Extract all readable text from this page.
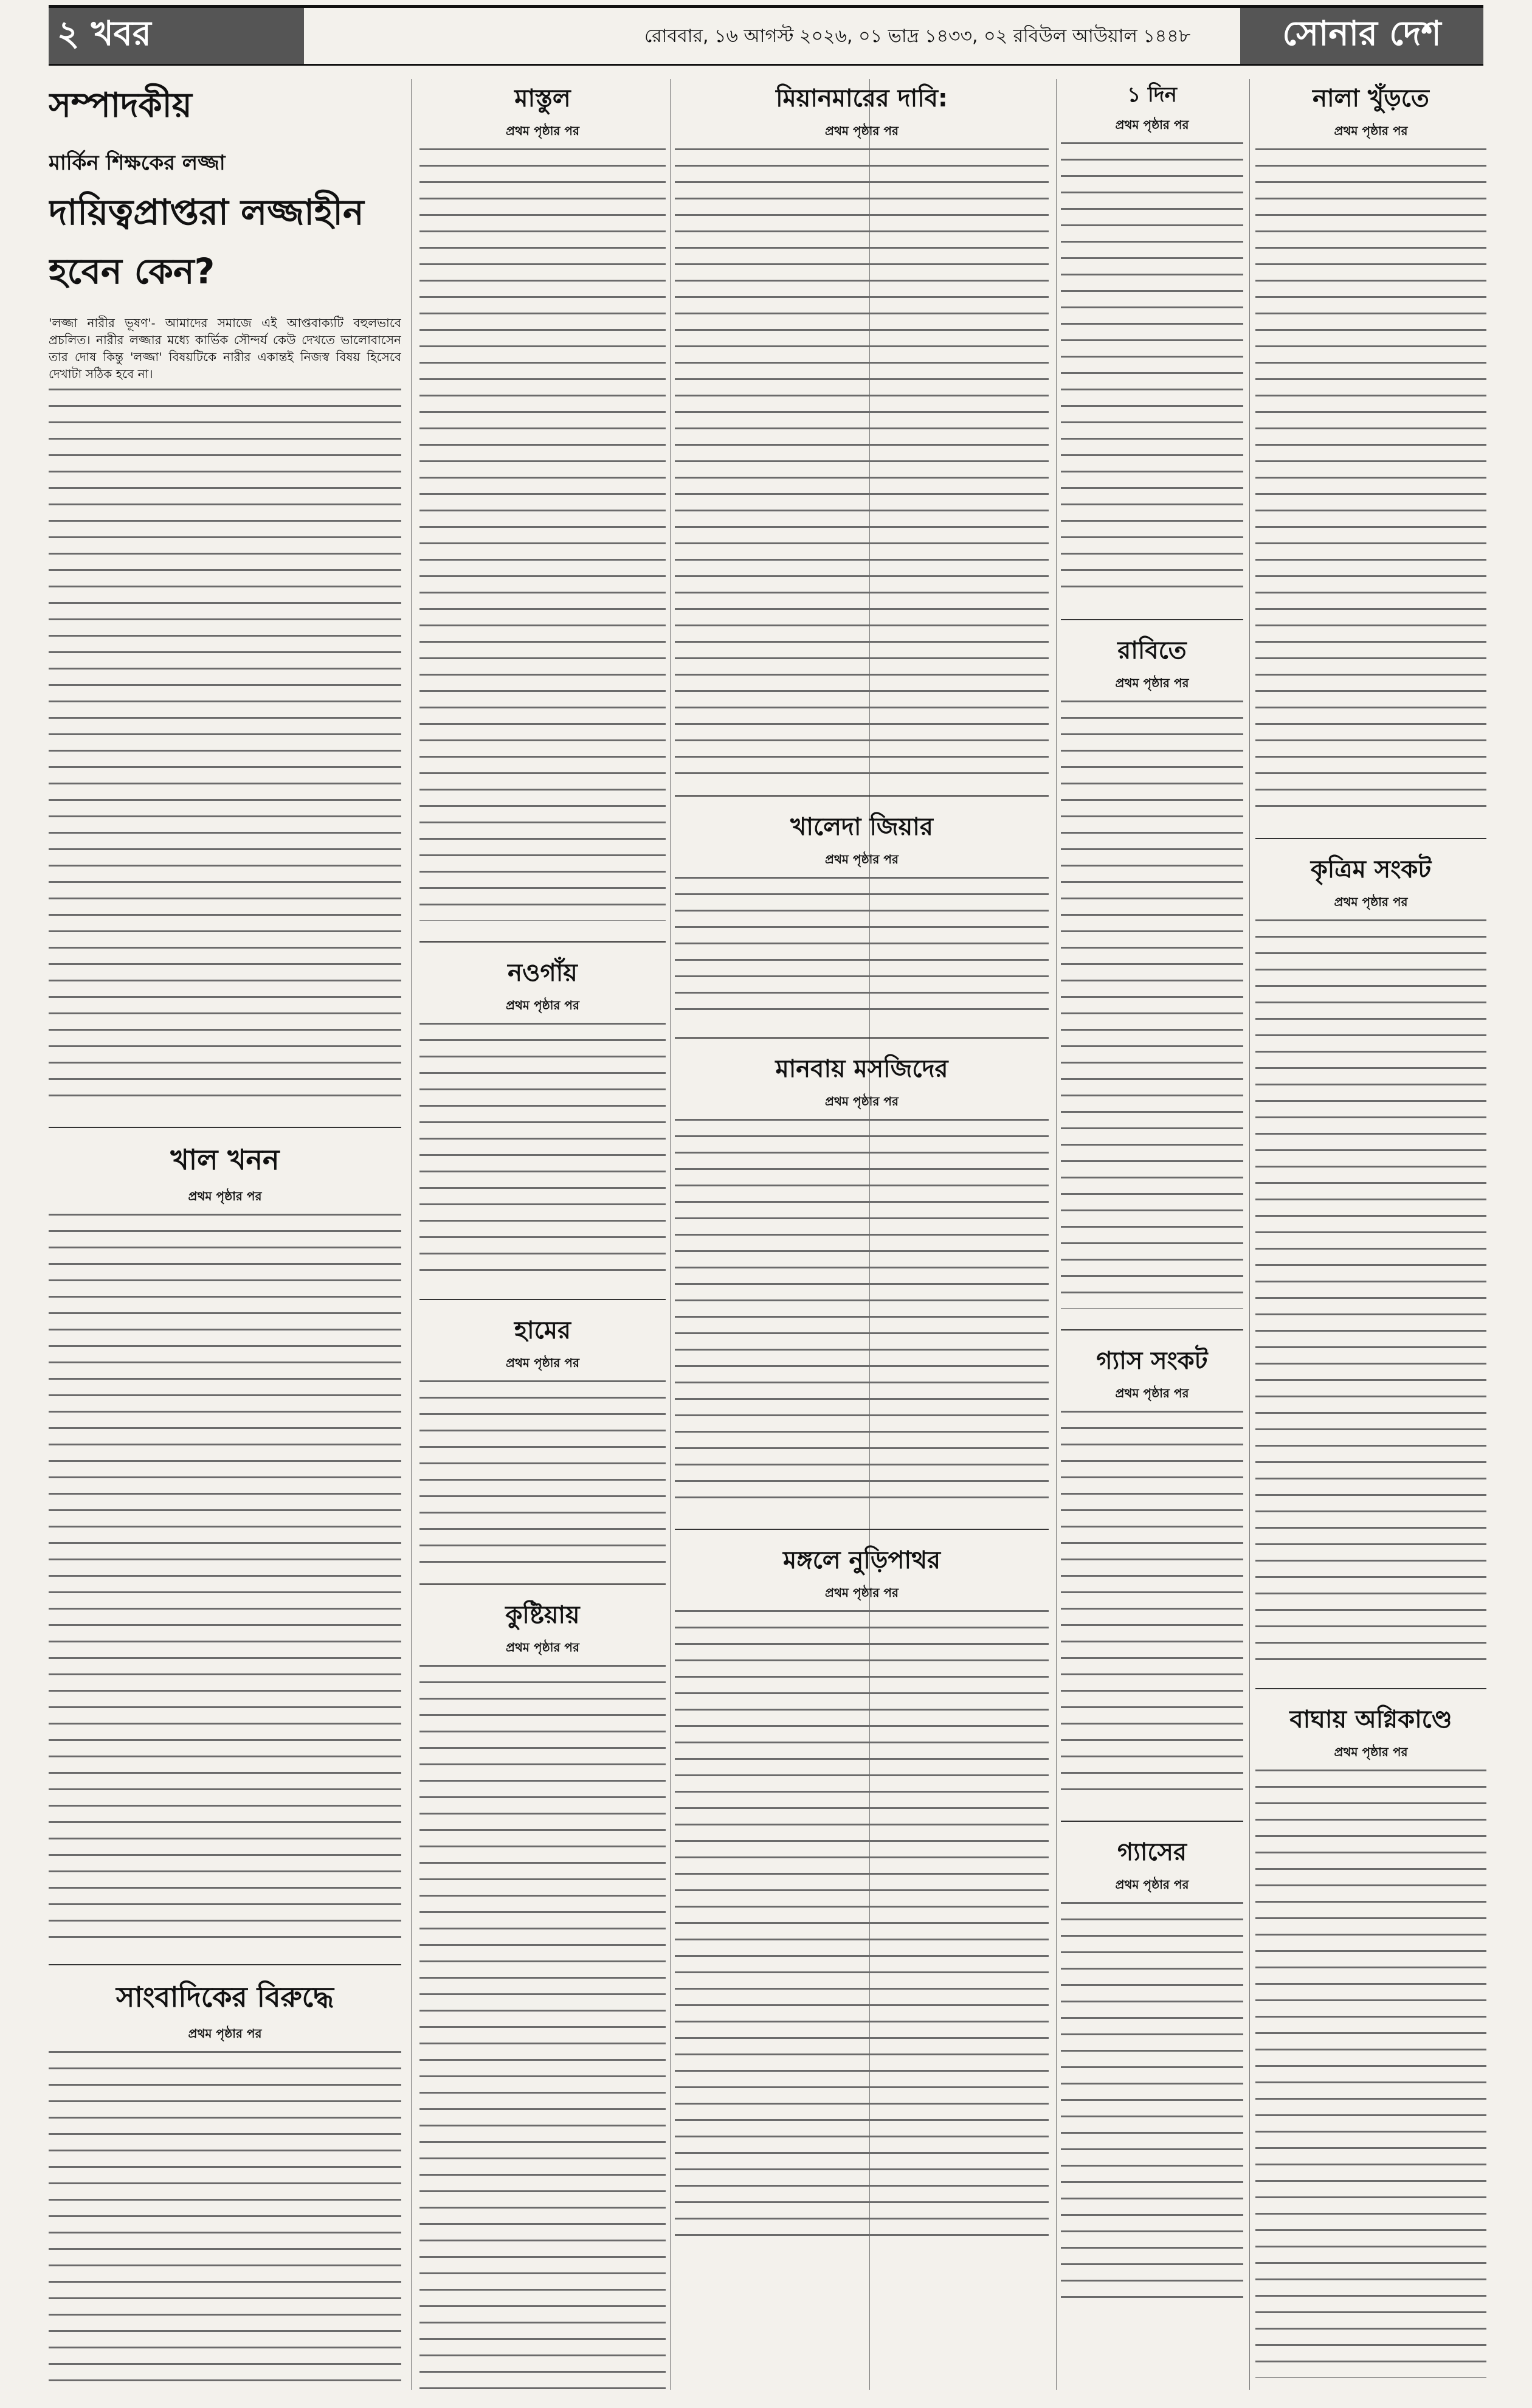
২ খবর	রোববার, ১৬ আগস্ট ২০২৬, ০১ ভাদ্র ১৪৩৩, ০২ রবিউল আউয়াল ১৪৪৮	সোনার দেশ
সম্পাদকীয়
মার্কিন শিক্ষকের লজ্জা
দায়িত্বপ্রাপ্তরা লজ্জাহীন হবেন কেন?

'লজ্জা নারীর ভূষণ'- আমাদের সমাজে এই আপ্তবাক্যটি বহুলভাবে প্রচলিত। নারীর লজ্জার মধ্যে কার্ভিক সৌন্দর্য কেউ দেখতে ভালোবাসেন তার দোষ কিন্তু 'লজ্জা' বিষয়টিকে নারীর একান্তই নিজস্ব বিষয় হিসেবে দেখাটা সঠিক হবে না।

খাল খনন
প্রথম পৃষ্ঠার পর
সাংবাদিকের বিরুদ্ধে
প্রথম পৃষ্ঠার পর
মাস্তুল
প্রথম পৃষ্ঠার পর
নওগাঁয়
প্রথম পৃষ্ঠার পর
হামের
প্রথম পৃষ্ঠার পর
কুষ্টিয়ায়
প্রথম পৃষ্ঠার পর
মিয়ানমারের দাবি:
প্রথম পৃষ্ঠার পর
খালেদা জিয়ার
প্রথম পৃষ্ঠার পর
মানবায় মসজিদের
প্রথম পৃষ্ঠার পর
মঙ্গলে নুড়িপাথর
প্রথম পৃষ্ঠার পর
১ দিন
প্রথম পৃষ্ঠার পর
রাবিতে
প্রথম পৃষ্ঠার পর
গ্যাস সংকট
প্রথম পৃষ্ঠার পর
গ্যাসের
প্রথম পৃষ্ঠার পর
নালা খুঁড়তে
প্রথম পৃষ্ঠার পর
কৃত্রিম সংকট
প্রথম পৃষ্ঠার পর
বাঘায় অগ্নিকাণ্ডে
প্রথম পৃষ্ঠার পর
